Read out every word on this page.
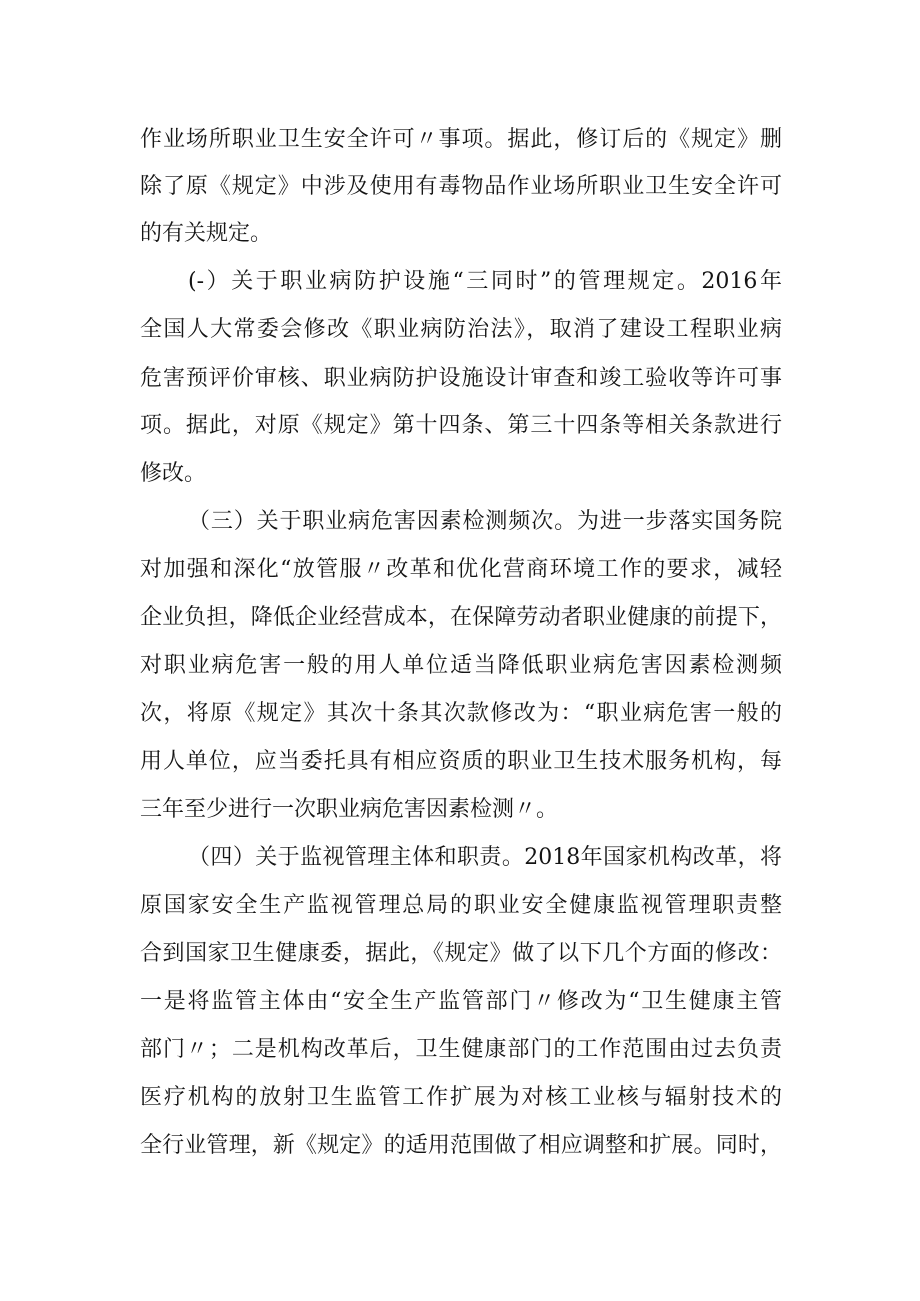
作业场所职业卫生安全许可〃事项。据此，修订后的《规定》删
除了原《规定》中涉及使用有毒物品作业场所职业卫生安全许可
的有关规定。
(-）关于职业病防护设施“三同时”的管理规定。2016年
全国人大常委会修改《职业病防治法》，取消了建设工程职业病
危害预评价审核、职业病防护设施设计审查和竣工验收等许可事
项。据此，对原《规定》第十四条、第三十四条等相关条款进行
修改。
（三）关于职业病危害因素检测频次。为进一步落实国务院
对加强和深化“放管服〃改革和优化营商环境工作的要求，减轻
企业负担，降低企业经营成本，在保障劳动者职业健康的前提下，
对职业病危害一般的用人单位适当降低职业病危害因素检测频
次，将原《规定》其次十条其次款修改为：“职业病危害一般的
用人单位，应当委托具有相应资质的职业卫生技术服务机构，每
三年至少进行一次职业病危害因素检测〃。
（四）关于监视管理主体和职责。2018年国家机构改革，将
原国家安全生产监视管理总局的职业安全健康监视管理职责整
合到国家卫生健康委，据此，《规定》做了以下几个方面的修改：
一是将监管主体由“安全生产监管部门〃修改为“卫生健康主管
部门〃；二是机构改革后，卫生健康部门的工作范围由过去负责
医疗机构的放射卫生监管工作扩展为对核工业核与辐射技术的
全行业管理，新《规定》的适用范围做了相应调整和扩展。同时，
